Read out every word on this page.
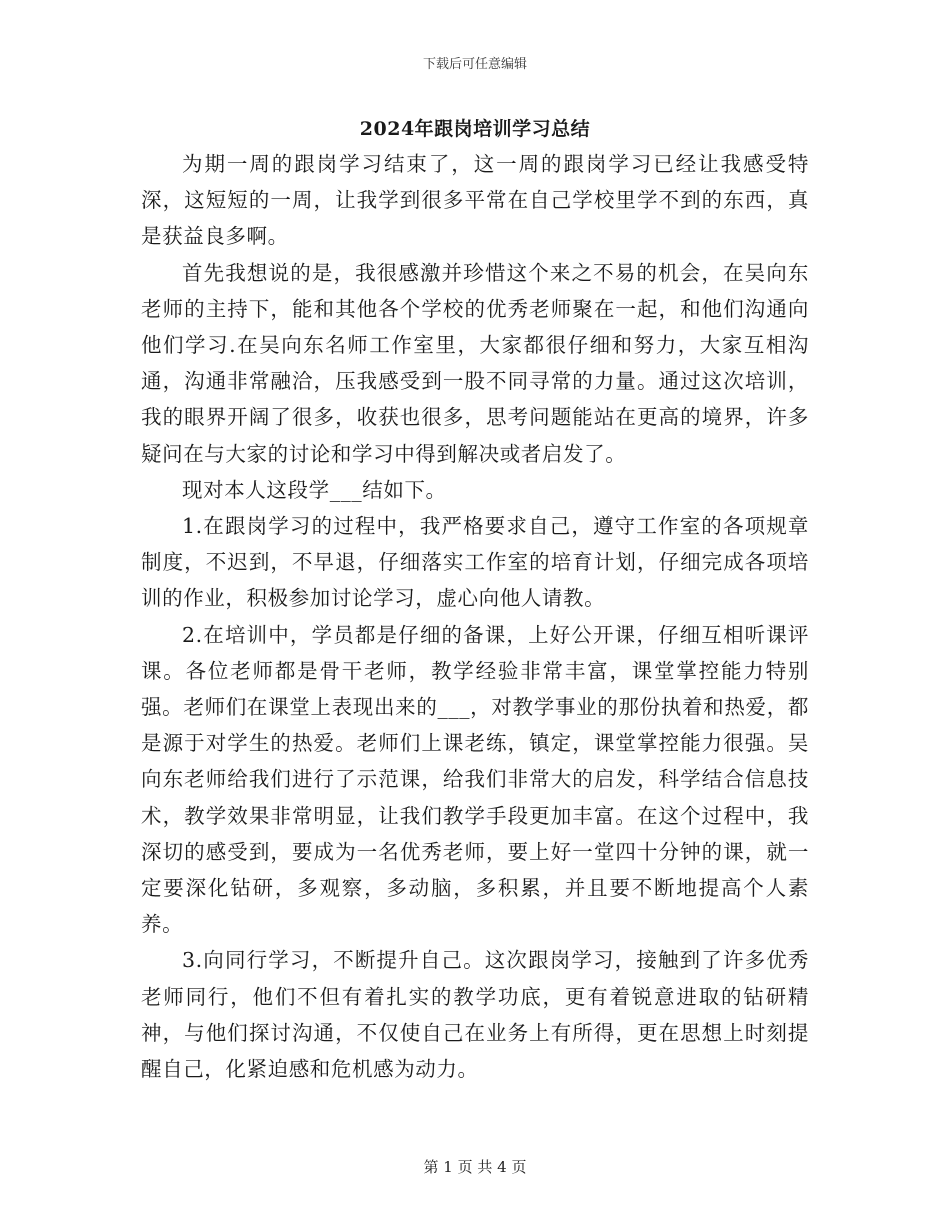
下载后可任意编辑
2024年跟岗培训学习总结

为期一周的跟岗学习结束了，这一周的跟岗学习已经让我感受特深，这短短的一周，让我学到很多平常在自己学校里学不到的东西，真是获益良多啊。

首先我想说的是，我很感激并珍惜这个来之不易的机会，在吴向东老师的主持下，能和其他各个学校的优秀老师聚在一起，和他们沟通向他们学习.在吴向东名师工作室里，大家都很仔细和努力，大家互相沟通，沟通非常融洽，压我感受到一股不同寻常的力量。通过这次培训，我的眼界开阔了很多，收获也很多，思考问题能站在更高的境界，许多疑问在与大家的讨论和学习中得到解决或者启发了。

现对本人这段学___结如下。

1.在跟岗学习的过程中，我严格要求自己，遵守工作室的各项规章制度，不迟到，不早退，仔细落实工作室的培育计划，仔细完成各项培训的作业，积极参加讨论学习，虚心向他人请教。

2.在培训中，学员都是仔细的备课，上好公开课，仔细互相听课评课。各位老师都是骨干老师，教学经验非常丰富，课堂掌控能力特别强。老师们在课堂上表现出来的___，对教学事业的那份执着和热爱，都是源于对学生的热爱。老师们上课老练，镇定，课堂掌控能力很强。吴向东老师给我们进行了示范课，给我们非常大的启发，科学结合信息技术，教学效果非常明显，让我们教学手段更加丰富。在这个过程中，我深切的感受到，要成为一名优秀老师，要上好一堂四十分钟的课，就一定要深化钻研，多观察，多动脑，多积累，并且要不断地提高个人素养。

3.向同行学习，不断提升自己。这次跟岗学习，接触到了许多优秀老师同行，他们不但有着扎实的教学功底，更有着锐意进取的钻研精神，与他们探讨沟通，不仅使自己在业务上有所得，更在思想上时刻提醒自己，化紧迫感和危机感为动力。

第 1 页 共 4 页
